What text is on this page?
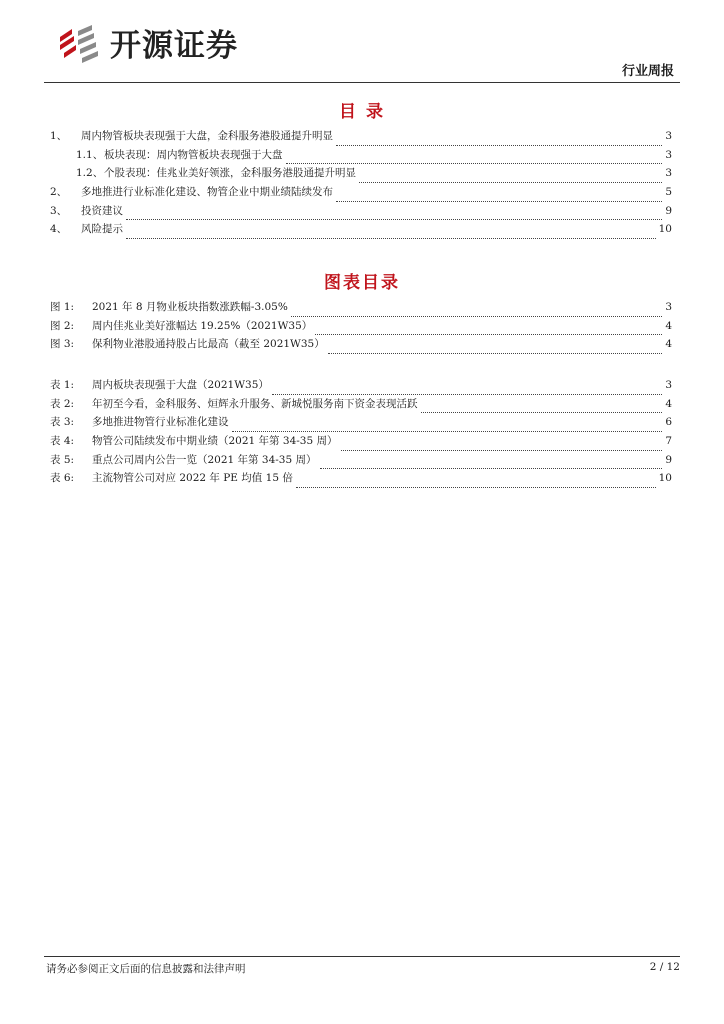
开源证券
行业周报
目 录
1、	周内物管板块表现强于大盘，金科服务港股通提升明显	3
1.1、 板块表现：周内物管板块表现强于大盘	3
1.2、 个股表现：佳兆业美好领涨，金科服务港股通提升明显	3
2、	多地推进行业标准化建设、物管企业中期业绩陆续发布	5
3、	投资建议	9
4、	风险提示	10
图表目录
图 1:	2021 年 8 月物业板块指数涨跌幅-3.05%	3
图 2:	周内佳兆业美好涨幅达 19.25%（2021W35）	4
图 3:	保利物业港股通持股占比最高（截至 2021W35）	4
表 1:	周内板块表现强于大盘（2021W35）	3
表 2:	年初至今看，金科服务、烜辉永升服务、新城悦服务南下资金表现活跃	4
表 3:	多地推进物管行业标准化建设	6
表 4:	物管公司陆续发布中期业绩（2021 年第 34-35 周）	7
表 5:	重点公司周内公告一览（2021 年第 34-35 周）	9
表 6:	主流物管公司对应 2022 年 PE 均值 15 倍	10
请务必参阅正文后面的信息披露和法律声明	2 / 12
